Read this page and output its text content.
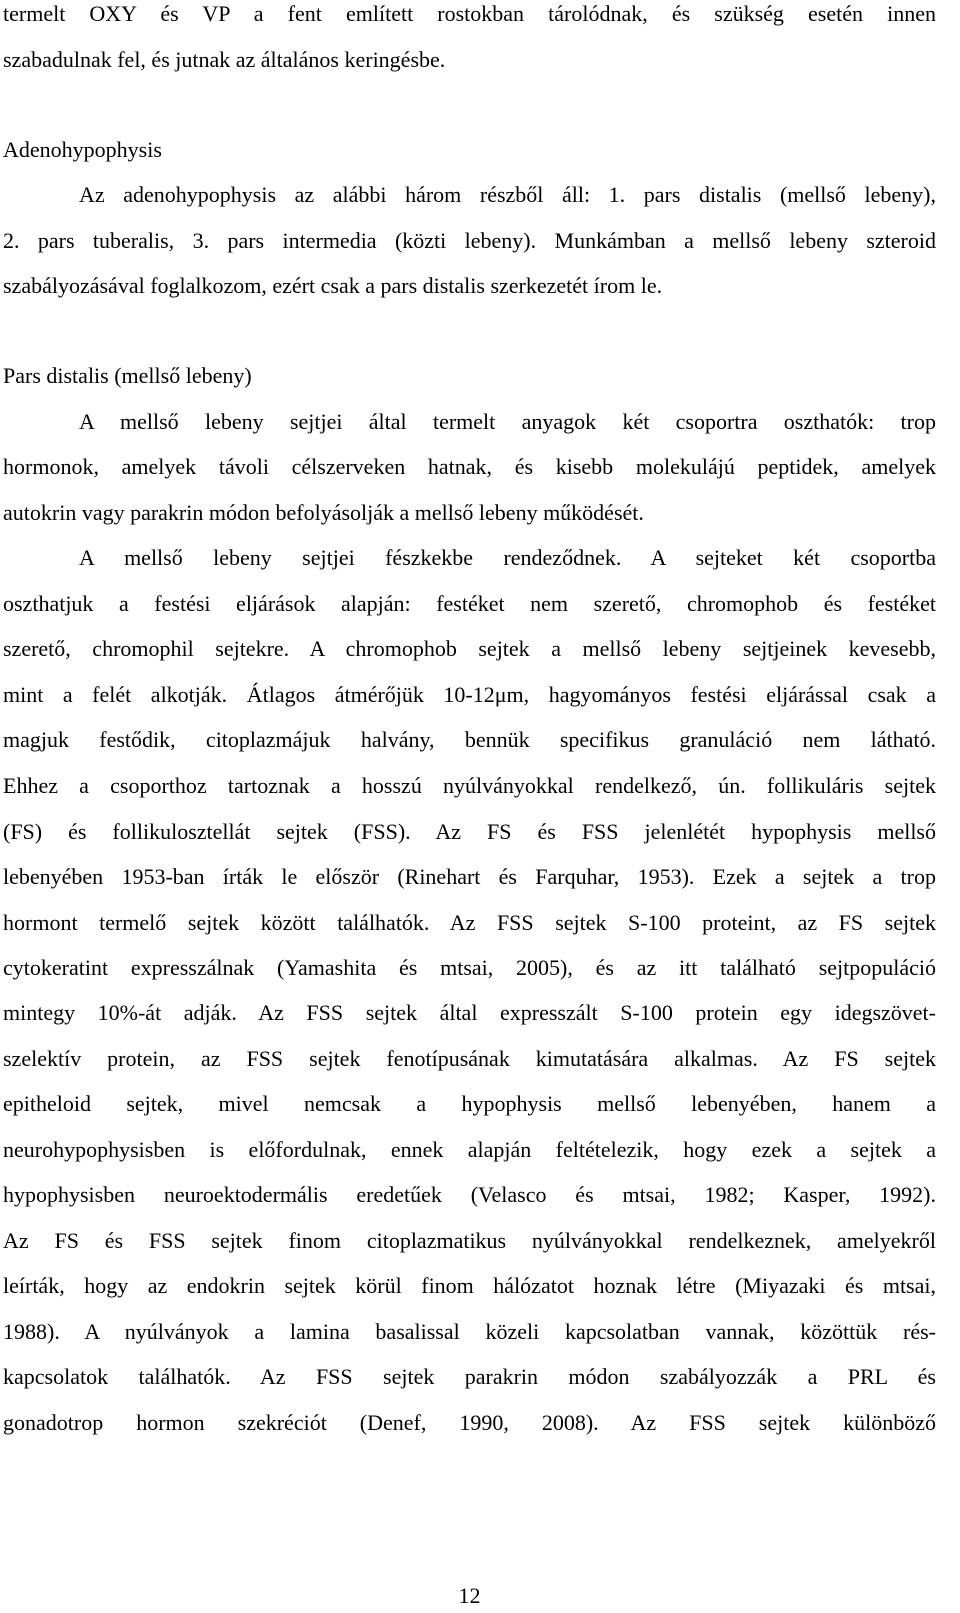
termelt OXY és VP a fent említett rostokban tárolódnak, és szükség esetén innen
szabadulnak fel, és jutnak az általános keringésbe.
Adenohypophysis
Az adenohypophysis az alábbi három részből áll: 1. pars distalis (mellső lebeny),
2. pars tuberalis, 3. pars intermedia (közti lebeny). Munkámban a mellső lebeny szteroid
szabályozásával foglalkozom, ezért csak a pars distalis szerkezetét írom le.
Pars distalis (mellső lebeny)
A mellső lebeny sejtjei által termelt anyagok két csoportra oszthatók: trop
hormonok, amelyek távoli célszerveken hatnak, és kisebb molekulájú peptidek, amelyek
autokrin vagy parakrin módon befolyásolják a mellső lebeny működését.
A mellső lebeny sejtjei fészkekbe rendeződnek. A sejteket két csoportba
oszthatjuk a festési eljárások alapján: festéket nem szerető, chromophob és festéket
szerető, chromophil sejtekre. A chromophob sejtek a mellső lebeny sejtjeinek kevesebb,
mint a felét alkotják. Átlagos átmérőjük 10-12μm, hagyományos festési eljárással csak a
magjuk festődik, citoplazmájuk halvány, bennük specifikus granuláció nem látható.
Ehhez a csoporthoz tartoznak a hosszú nyúlványokkal rendelkező, ún. follikuláris sejtek
(FS) és follikulosztellát sejtek (FSS). Az FS és FSS jelenlétét hypophysis mellső
lebenyében 1953-ban írták le először (Rinehart és Farquhar, 1953). Ezek a sejtek a trop
hormont termelő sejtek között találhatók. Az FSS sejtek S-100 proteint, az FS sejtek
cytokeratint expresszálnak (Yamashita és mtsai, 2005), és az itt található sejtpopuláció
mintegy 10%-át adják. Az FSS sejtek által expresszált S-100 protein egy idegszövet-
szelektív protein, az FSS sejtek fenotípusának kimutatására alkalmas. Az FS sejtek
epitheloid sejtek, mivel nemcsak a hypophysis mellső lebenyében, hanem a
neurohypophysisben is előfordulnak, ennek alapján feltételezik, hogy ezek a sejtek a
hypophysisben neuroektodermális eredetűek (Velasco és mtsai, 1982; Kasper, 1992).
Az FS és FSS sejtek finom citoplazmatikus nyúlványokkal rendelkeznek, amelyekről
leírták, hogy az endokrin sejtek körül finom hálózatot hoznak létre (Miyazaki és mtsai,
1988). A nyúlványok a lamina basalissal közeli kapcsolatban vannak, közöttük rés-
kapcsolatok találhatók. Az FSS sejtek parakrin módon szabályozzák a PRL és
gonadotrop hormon szekréciót (Denef, 1990, 2008). Az FSS sejtek különböző
12
